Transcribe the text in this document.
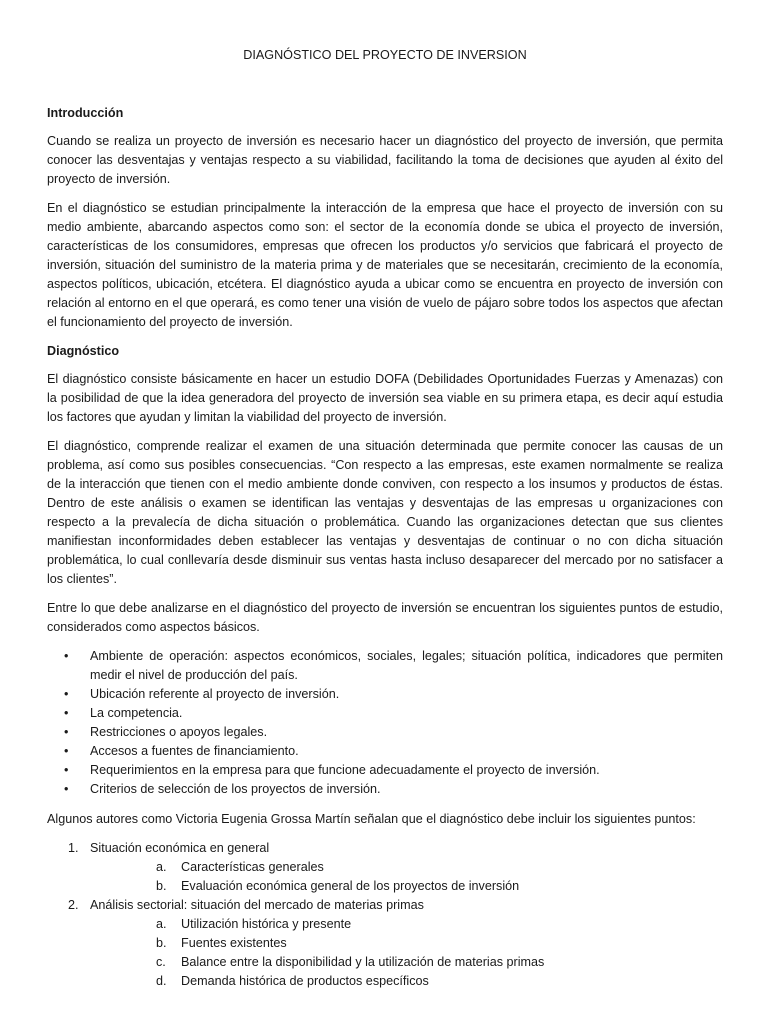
DIAGNÓSTICO DEL PROYECTO DE INVERSION
Introducción

Cuando se realiza un proyecto de inversión es necesario hacer un diagnóstico del proyecto de inversión, que permita conocer las desventajas y ventajas respecto a su viabilidad, facilitando la toma de decisiones que ayuden al éxito del proyecto de inversión.

En el diagnóstico se estudian principalmente la interacción de la empresa que hace el proyecto de inversión con su medio ambiente, abarcando aspectos como son: el sector de la economía donde se ubica el proyecto de inversión, características de los consumidores, empresas que ofrecen los productos y/o servicios que fabricará el proyecto de inversión, situación del suministro de la materia prima y de materiales que se necesitarán, crecimiento de la economía, aspectos políticos, ubicación, etcétera. El diagnóstico ayuda a ubicar como se encuentra en proyecto de inversión con relación al entorno en el que operará, es como tener una visión de vuelo de pájaro sobre todos los aspectos que afectan el funcionamiento del proyecto de inversión.

Diagnóstico

El diagnóstico consiste básicamente en hacer un estudio DOFA (Debilidades Oportunidades Fuerzas y Amenazas) con la posibilidad de que la idea generadora del proyecto de inversión sea viable en su primera etapa, es decir aquí estudia los factores que ayudan y limitan la viabilidad del proyecto de inversión.

El diagnóstico, comprende realizar el examen de una situación determinada que permite conocer las causas de un problema, así como sus posibles consecuencias. “Con respecto a las empresas, este examen normalmente se realiza de la interacción que tienen con el medio ambiente donde conviven, con respecto a los insumos y productos de éstas. Dentro de este análisis o examen se identifican las ventajas y desventajas de las empresas u organizaciones con respecto a la prevalecía de dicha situación o problemática. Cuando las organizaciones detectan que sus clientes manifiestan inconformidades deben establecer las ventajas y desventajas de continuar o no con dicha situación problemática, lo cual conllevaría desde disminuir sus ventas hasta incluso desaparecer del mercado por no satisfacer a los clientes”.

Entre lo que debe analizarse en el diagnóstico del proyecto de inversión se encuentran los siguientes puntos de estudio, considerados como aspectos básicos.

• Ambiente de operación: aspectos económicos, sociales, legales; situación política, indicadores que permiten medir el nivel de producción del país.
• Ubicación referente al proyecto de inversión.
• La competencia.
• Restricciones o apoyos legales.
• Accesos a fuentes de financiamiento.
• Requerimientos en la empresa para que funcione adecuadamente el proyecto de inversión.
• Criterios de selección de los proyectos de inversión.

Algunos autores como Victoria Eugenia Grossa Martín señalan que el diagnóstico debe incluir los siguientes puntos:

1. Situación económica en general
a. Características generales
b. Evaluación económica general de los proyectos de inversión
2. Análisis sectorial: situación del mercado de materias primas
a. Utilización histórica y presente
b. Fuentes existentes
c. Balance entre la disponibilidad y la utilización de materias primas
d. Demanda histórica de productos específicos
